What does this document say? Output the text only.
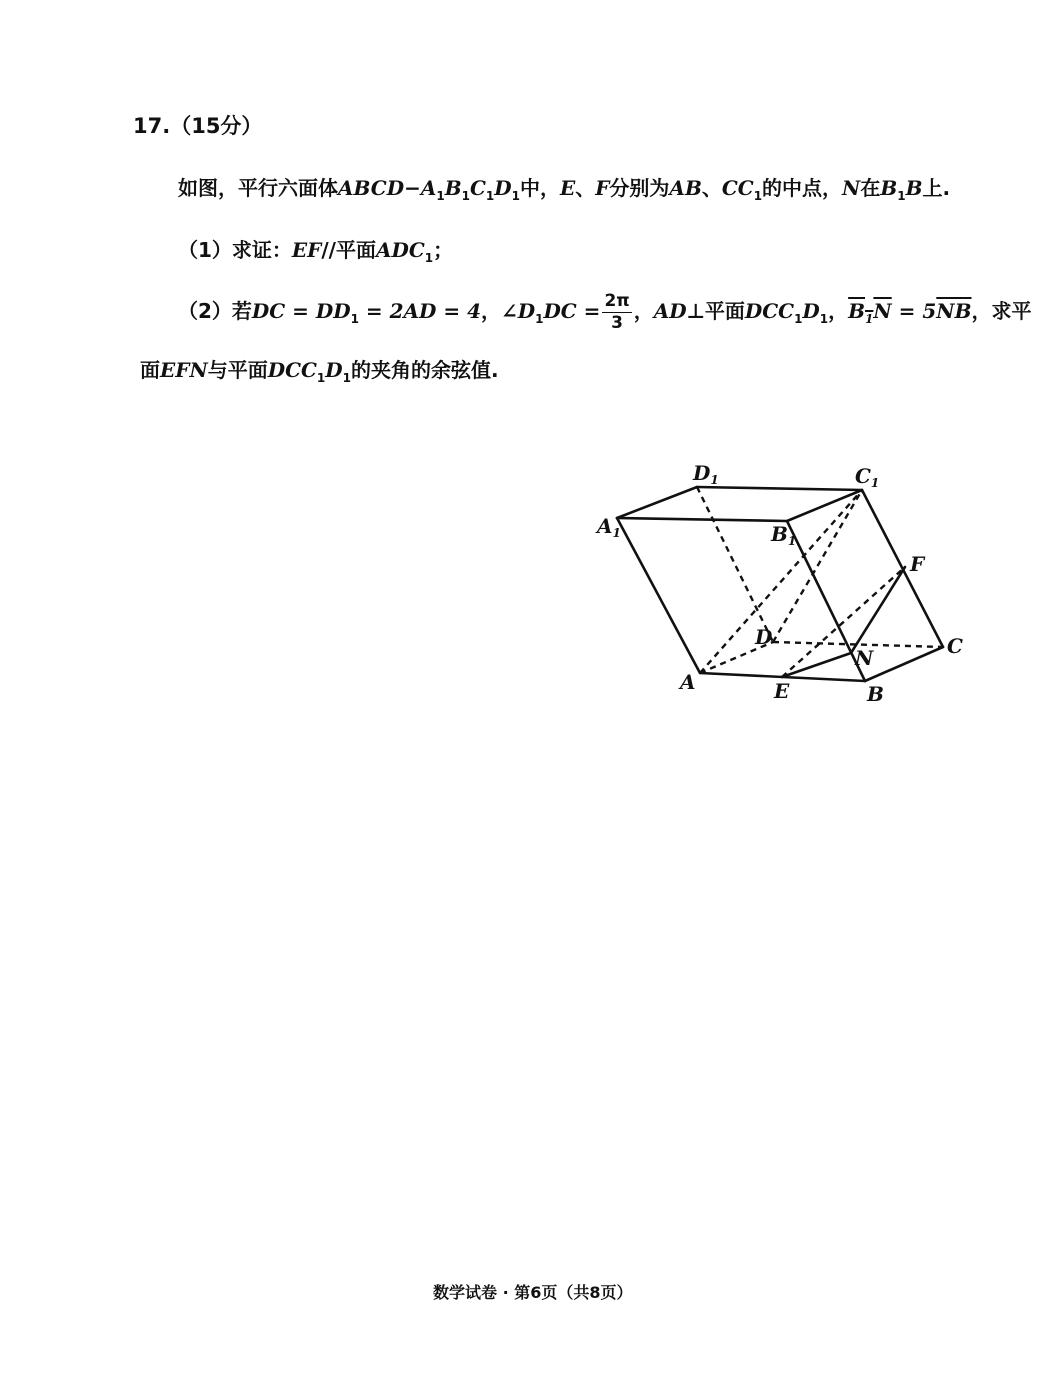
17.（15分）
如图，平行六面体$ABCD-A_1B_1C_1D_1$中，E、F分别为AB、$CC_1$的中点，N在$B_1B$上.
（1）求证：EF//平面$ADC_1$；
（2）若DC = $DD_1 = 2AD = 4$，$\angle D_1DC = \frac{2\pi}{3}$ ，AD⊥平面$DCC_1D_1$，$B_1N = 5\overline{NB}$，求平
面EFN与平面$DCC_1D_1$的夹角的余弦值.
$D_1$	$C_1$
$A_1$	$B_1$
F
D
N	C
A	E	B
数学试卷 · 第6页（共8页）
